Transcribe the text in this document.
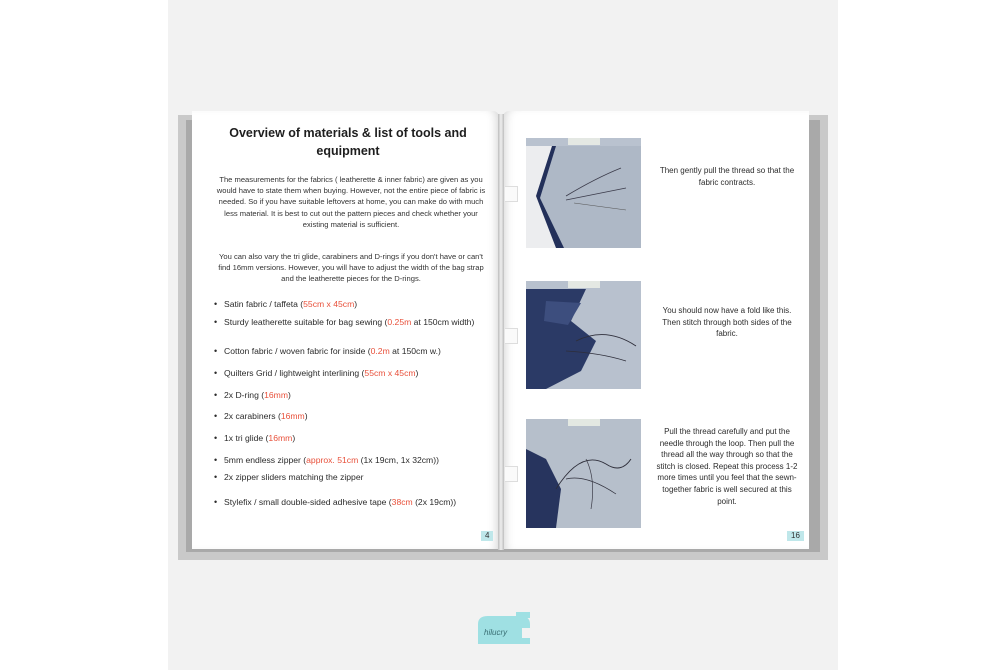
Overview of materials & list of tools and equipment

The measurements for the fabrics ( leatherette & inner fabric) are given as you would have to state them when buying. However, not the entire piece of fabric is needed. So if you have suitable leftovers at home, you can make do with much less material. It is best to cut out the pattern pieces and check whether your existing material is sufficient.

You can also vary the tri glide, carabiners and D-rings if you don't have or can't find 16mm versions. However, you will have to adjust the width of the bag strap and the leatherette pieces for the D-rings.

• Satin fabric / taffeta (55cm x 45cm)
• Sturdy leatherette suitable for bag sewing (0.25m at 150cm width)
• Cotton fabric / woven fabric for inside (0.2m at 150cm w.)
• Quilters Grid / lightweight interlining (55cm x 45cm)
• 2x D-ring (16mm)
• 2x carabiners (16mm)
• 1x tri glide (16mm)
• 5mm endless zipper (approx. 51cm (1x 19cm, 1x 32cm))
• 2x zipper sliders matching the zipper
• Stylefix / small double-sided adhesive tape (38cm (2x 19cm))
4
Then gently pull the thread so that the fabric contracts.
You should now have a fold like this.
Then stitch through both sides of the fabric.
Pull the thread carefully and put the needle through the loop. Then pull the thread all the way through so that the stitch is closed. Repeat this process 1-2 more times until you feel that the sewn-together fabric is well secured at this point.
16
hilucry
